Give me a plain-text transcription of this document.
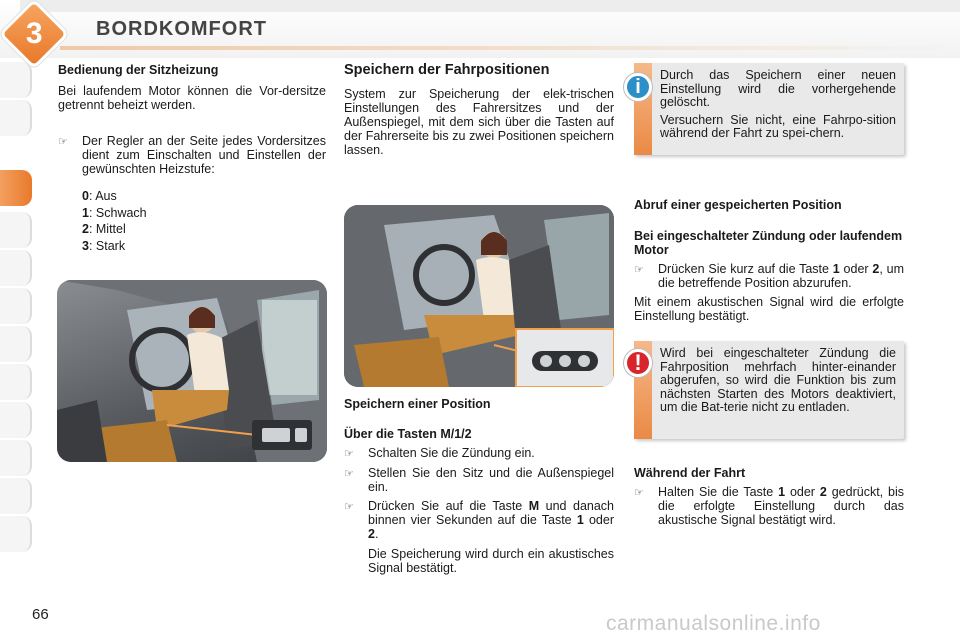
3	BORDKOMFORT
Bedienung der Sitzheizung

Bei laufendem Motor können die Vor-dersitze getrennt beheizt werden.

☞	Der Regler an der Seite jedes Vordersitzes dient zum Einschalten und Einstellen der gewünschten Heizstufe:
0: Aus
1: Schwach
2: Mittel
3: Stark
Speichern der Fahrpositionen

System zur Speicherung der elek-trischen Einstellungen des Fahrersitzes und der Außenspiegel, mit dem sich über die Tasten auf der Fahrerseite bis zu zwei Positionen speichern lassen.

Speichern einer Position
Über die Tasten M/1/2
☞	Schalten Sie die Zündung ein.
☞	Stellen Sie den Sitz und die Außenspiegel ein.
☞	Drücken Sie auf die Taste M und danach binnen vier Sekunden auf die Taste 1 oder 2.

Die Speicherung wird durch ein akustisches Signal bestätigt.

i

Durch das Speichern einer neuen Einstellung wird die vorhergehende gelöscht.

Versuchern Sie nicht, eine Fahrpo-sition während der Fahrt zu spei-chern.

Abruf einer gespeicherten Position
Bei eingeschalteter Zündung oder laufendem Motor
☞	Drücken Sie kurz auf die Taste 1 oder 2, um die betreffende Position abzurufen.

Mit einem akustischen Signal wird die erfolgte Einstellung bestätigt.

!	Wird bei eingeschalteter Zündung die Fahrposition mehrfach hinter-einander abgerufen, so wird die Funktion bis zum nächsten Starten des Motors deaktiviert, um die Bat-terie nicht zu entladen.

Während der Fahrt
☞	Halten Sie die Taste 1 oder 2 gedrückt, bis die erfolgte Einstellung durch das akustische Signal bestätigt wird.
66	carmanualsonline.info
